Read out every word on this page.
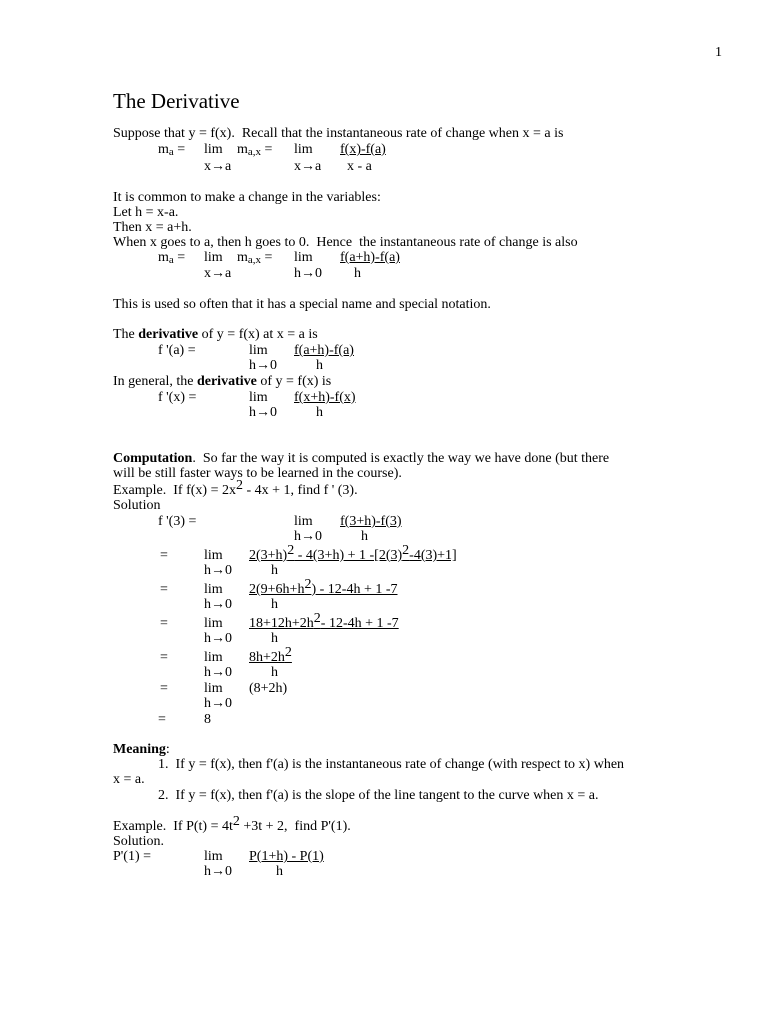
1
The Derivative
Suppose that y = f(x).  Recall that the instantaneous rate of change when x = a is
$m_a = \lim m_{a,x} = \lim f(x)-f(a)$
x→a	x→a x - a
It is common to make a change in the variables:
Let h = x-a.
Then x = a+h.
When x goes to a, then h goes to 0.  Hence  the instantaneous rate of change is also
$m_a = \lim m_{a,x} = \lim f(a+h)-f(a)$
x→a	h→0 h
This is used so often that it has a special name and special notation.
The derivative of y = f(x) at x = a is
f '(a) =	lim f(a+h)-f(a)
h→0	h
In general, the derivative of y = f(x) is
f '(x) =	lim f(x+h)-f(x)
h→0	h
Computation.  So far the way it is computed is exactly the way we have done (but there
will be still faster ways to be learned in the course).
Example.  If $f(x) = 2x^2 - 4x + 1$, find f ' (3).
Solution
f '(3) =	lim f(3+h)-f(3)
h→0	h
=	$\lim 2(3+h)^2 - 4(3+h) + 1$ $-[2(3)^2-4(3)+1]$
h→0	h
=	$\lim 2(9+6h+h^2) - 12-4h + 1$ -7
h→0	h
=	$\lim 18+12h+2h^2-$ 12-4h + 1 -7
h→0	h
=	$\lim 8h+2h^2$
h→0	h
=	lim (8+2h)
h→0
=	8
Meaning:
1.  If y = f(x), then f'(a) is the instantaneous rate of change (with respect to x) when
x = a.
2.  If y = f(x), then f'(a) is the slope of the line tangent to the curve when x = a.
Example.  If $P(t) = 4t^2 +3t + 2$,  find P'(1).
Solution.
P'(1) =	lim P(1+h) - P(1)
h→0	h
